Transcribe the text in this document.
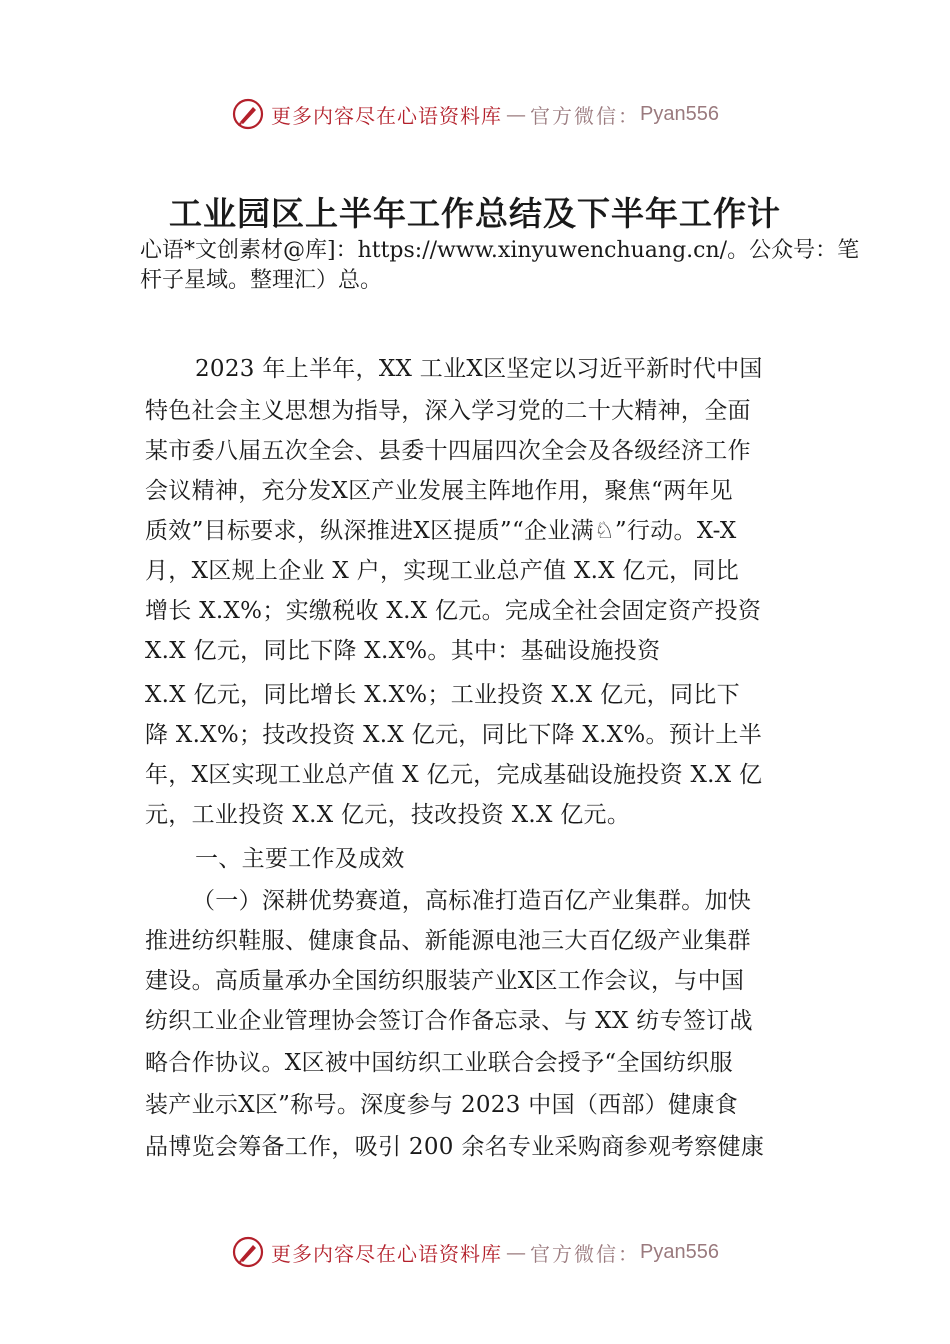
更多内容尽在心语资料库 — 官方微信： Pyan556
工业园区上半年工作总结及下半年工作计
心语*文创素材@库]：https://www.xinyuwenchuang.cn/。公众号：笔杆子星域。整理汇）总。
2023 年上半年，XX 工业Ⅹ区坚定以习近平新时代中国
特色社会主义思想为指导，深入学习党的二十大精神，全面
某市委八届五次全会、县委十四届四次全会及各级经济工作
会议精神，充分发Ⅹ区产业发展主阵地作用，聚焦“两年见
质效”目标要求，纵深推进Ⅹ区提质”“企业满♘”行动。X-X
月，Ⅹ区规上企业 X 户，实现工业总产值 X.X 亿元，同比
增长 X.X%；实缴税收 X.X 亿元。完成全社会固定资产投资
X.X 亿元，同比下降 X.X%。其中：基础设施投资
X.X 亿元，同比增长 X.X%；工业投资 X.X 亿元，同比下
降 X.X%；技改投资 X.X 亿元，同比下降 X.X%。预计上半
年，Ⅹ区实现工业总产值 X 亿元，完成基础设施投资 X.X 亿
元，工业投资 X.X 亿元，技改投资 X.X 亿元。
一、主要工作及成效
（一）深耕优势赛道，高标准打造百亿产业集群。加快
推进纺织鞋服、健康食品、新能源电池三大百亿级产业集群
建设。高质量承办全国纺织服装产业Ⅹ区工作会议，与中国
纺织工业企业管理协会签订合作备忘录、与 XX 纺专签订战
略合作协议。Ⅹ区被中国纺织工业联合会授予“全国纺织服
装产业示Ⅹ区”称号。深度参与 2023 中国（西部）健康食
品博览会筹备工作，吸引 200 余名专业采购商参观考察健康
更多内容尽在心语资料库 — 官方微信： Pyan556
